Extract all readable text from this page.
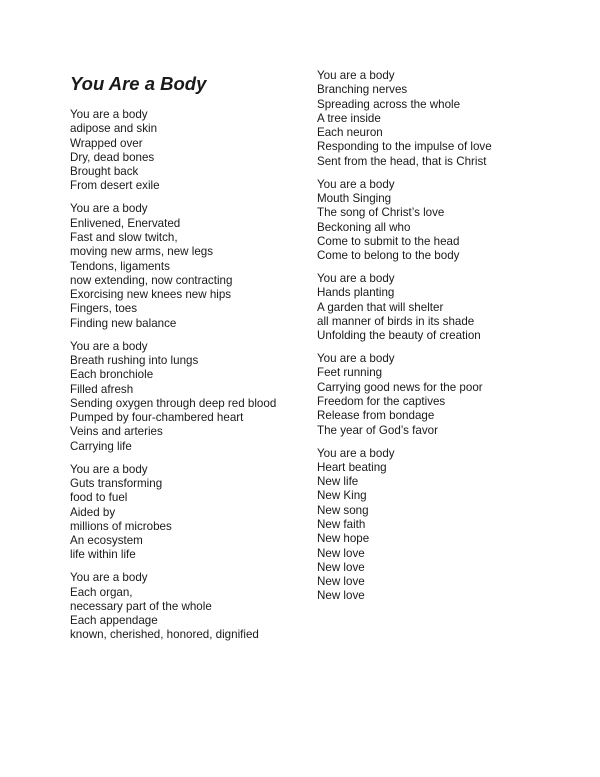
You Are a Body
You are a body
adipose and skin
Wrapped over
Dry, dead bones
Brought back
From desert exile
You are a body
Enlivened, Enervated
Fast and slow twitch,
moving new arms, new legs
Tendons, ligaments
now extending, now contracting
Exorcising new knees new hips
Fingers, toes
Finding new balance
You are a body
Breath rushing into lungs
Each bronchiole
Filled afresh
Sending oxygen through deep red blood
Pumped by four-chambered heart
Veins and arteries
Carrying life
You are a body
Guts transforming
food to fuel
Aided by
millions of microbes
An ecosystem
life within life
You are a body
Each organ,
necessary part of the whole
Each appendage
known, cherished, honored, dignified
You are a body
Branching nerves
Spreading across the whole
A tree inside
Each neuron
Responding to the impulse of love
Sent from the head, that is Christ
You are a body
Mouth Singing
The song of Christ’s love
Beckoning all who
Come to submit to the head
Come to belong to the body
You are a body
Hands planting
A garden that will shelter
all manner of birds in its shade
Unfolding the beauty of creation
You are a body
Feet running
Carrying good news for the poor
Freedom for the captives
Release from bondage
The year of God’s favor
You are a body
Heart beating
New life
New King
New song
New faith
New hope
New love
New love
New love
New love
